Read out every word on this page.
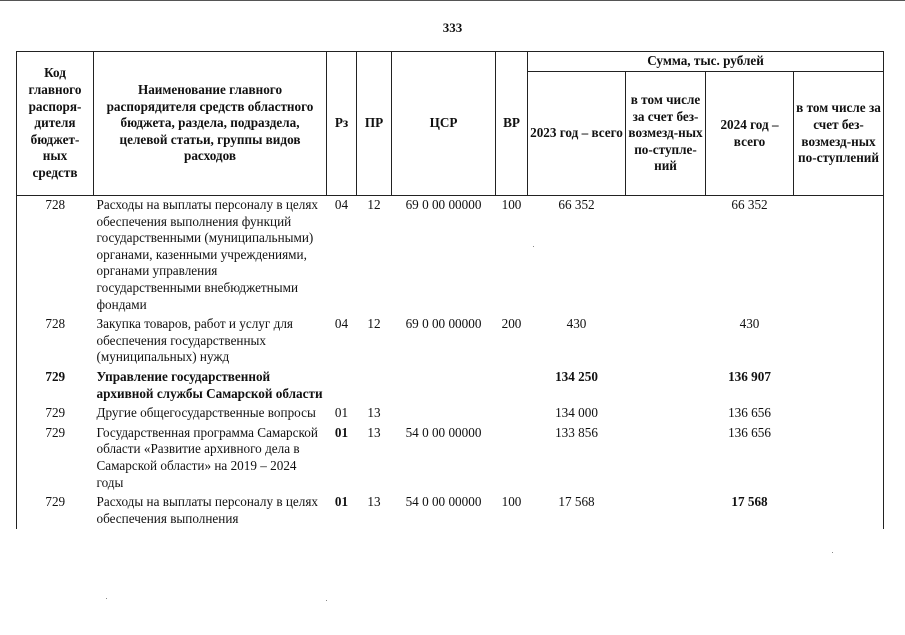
333
Код главного распоря-дителя бюджет-ных средств	Наименование главного распорядителя средств областного бюджета, раздела, подраздела, целевой статьи, группы видов расходов	Рз	ПР	ЦСР	ВР	Сумма, тыс. рублей			
						2023 год – всего	в том числе за счет без-возмезд-ных по-ступле-ний	2024 год – всего	в том числе за счет без-возмезд-ных по-ступлений
728	Расходы на выплаты персоналу в целях обеспечения выполнения функций государственными (муниципальными) органами, казенными учреждениями, органами управления государственными внебюджетными фондами	04	12	69 0 00 00000	100	66 352		66 352	
728	Закупка товаров, работ и услуг для обеспечения государственных (муниципальных) нужд	04	12	69 0 00 00000	200	430		430	
729	Управление государственной архивной службы Самарской области					134 250		136 907	
729	Другие общегосударственные вопросы	01	13			134 000		136 656	
729	Государственная программа Самарской области «Развитие архивного дела в Самарской области» на 2019 – 2024 годы	01	13	54 0 00 00000		133 856		136 656	
729	Расходы на выплаты персоналу в целях обеспечения выполнения	01	13	54 0 00 00000	100	17 568		17 568	
